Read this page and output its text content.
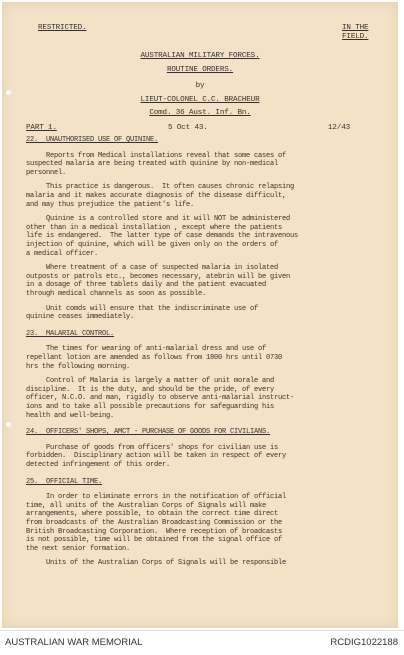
RESTRICTED.	IN THE
FIELD.
AUSTRALIAN MILITARY FORCES.
ROUTINE ORDERS.
by
LIEUT-COLONEL C.C. BRACHEUR
Comd. 36 Aust. Inf. Bn.
PART 1.	5 Oct 43.	12/43
22.  UNAUTHORISED USE OF QUININE.
Reports from Medical installations reveal that some cases of
suspected malaria are being treated with quinine by non-medical
personnel.
This practice is dangerous.  It often causes chronic relapsing
malaria and it makes accurate diagnosis of the disease difficult,
and may thus prejudice the patient's life.
Quinine is a controlled store and it will NOT be administered
other than in a medical installation , except where the patients
life is endangered.  The latter type of case demands the intravenous
injection of quinine, which will be given only on the orders of
a medical officer.
Where treatment of a case of suspected malaria in isolated
outposts or patrols etc., becomes necessary, atebrin will be given
in a dosage of three tablets daily and the patient evacuated
through medical channels as soon as possible.
Unit comds will ensure that the indiscriminate use of
quinine ceases immediately.
23.  MALARIAL CONTROL.
The times for wearing of anti-malarial dress and use of
repellant lotion are amended as follows from 1800 hrs until 0730
hrs the following morning.
Control of Malaria is largely a matter of unit morale and
discipline.  It is the duty, and should be the pride, of every
officer, N.C.O. and man, rigidly to observe anti-malarial instruct-
ions and to take all possible precautions for safeguarding his
health and well-being.
24.  OFFICERS' SHOPS, AMCT - PURCHASE OF GOODS FOR CIVILIANS.
Purchase of goods from officers' shops for civilian use is
forbidden.  Disciplinary action will be taken in respect of every
detected infringement of this order.
25.  OFFICIAL TIME.
In order to eliminate errors in the notification of official
time, all units of the Australian Corps of Signals will make
arrangements, where possible, to obtain the correct time direct
from broadcasts of the Australian Broadcasting Commission or the
British Broadcasting Corporation.  Where reception of broadcasts
is not possible, time will be obtained from the signal office of
the next senior formation.
Units of the Australian Corps of Signals will be responsible
AUSTRALIAN WAR MEMORIAL	RCDIG1022188
